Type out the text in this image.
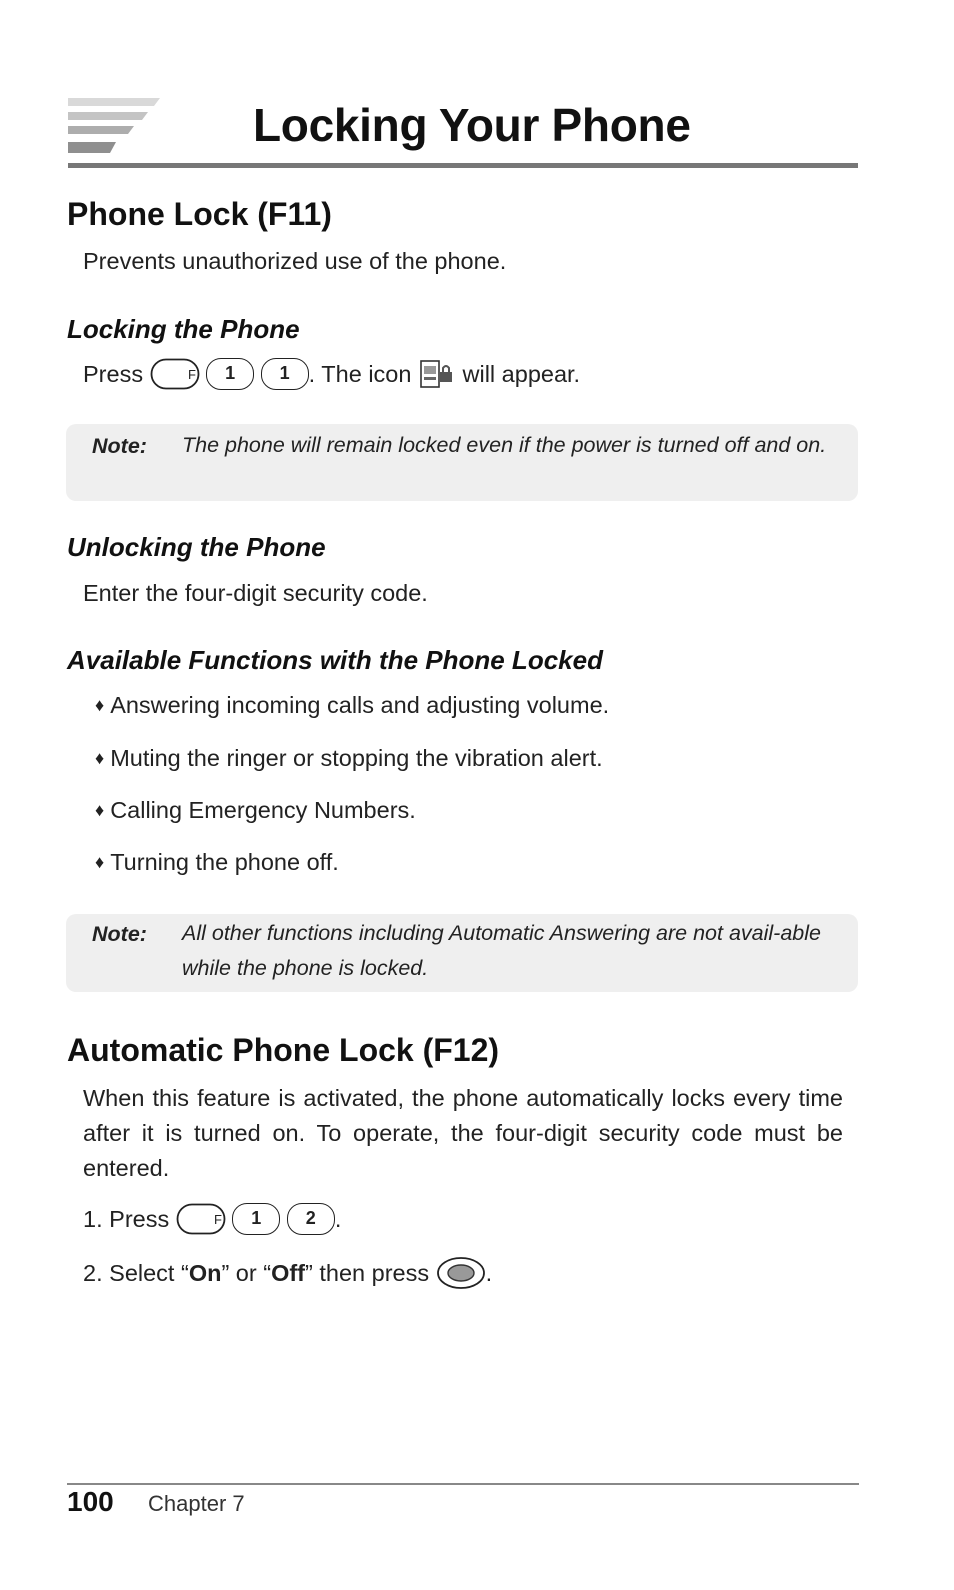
Locking Your Phone
Phone Lock (F11)
Prevents unauthorized use of the phone.
Locking the Phone
Press	F 1 1 . The icon will appear.
Note: The phone will remain locked even if the power is turned off and on.
Unlocking the Phone
Enter the four-digit security code.
Available Functions with the Phone Locked
♦ Answering incoming calls and adjusting volume.
♦ Muting the ringer or stopping the vibration alert.
♦ Calling Emergency Numbers.
♦ Turning the phone off.
Note: All other functions including Automatic Answering are not avail-able while the phone is locked.
Automatic Phone Lock (F12)
When this feature is activated, the phone automatically locks every time after it is turned on. To operate, the four-digit security code must be entered.
1. Press	F 1 2 .
2. Select “On” or “Off” then press .
100 Chapter 7
